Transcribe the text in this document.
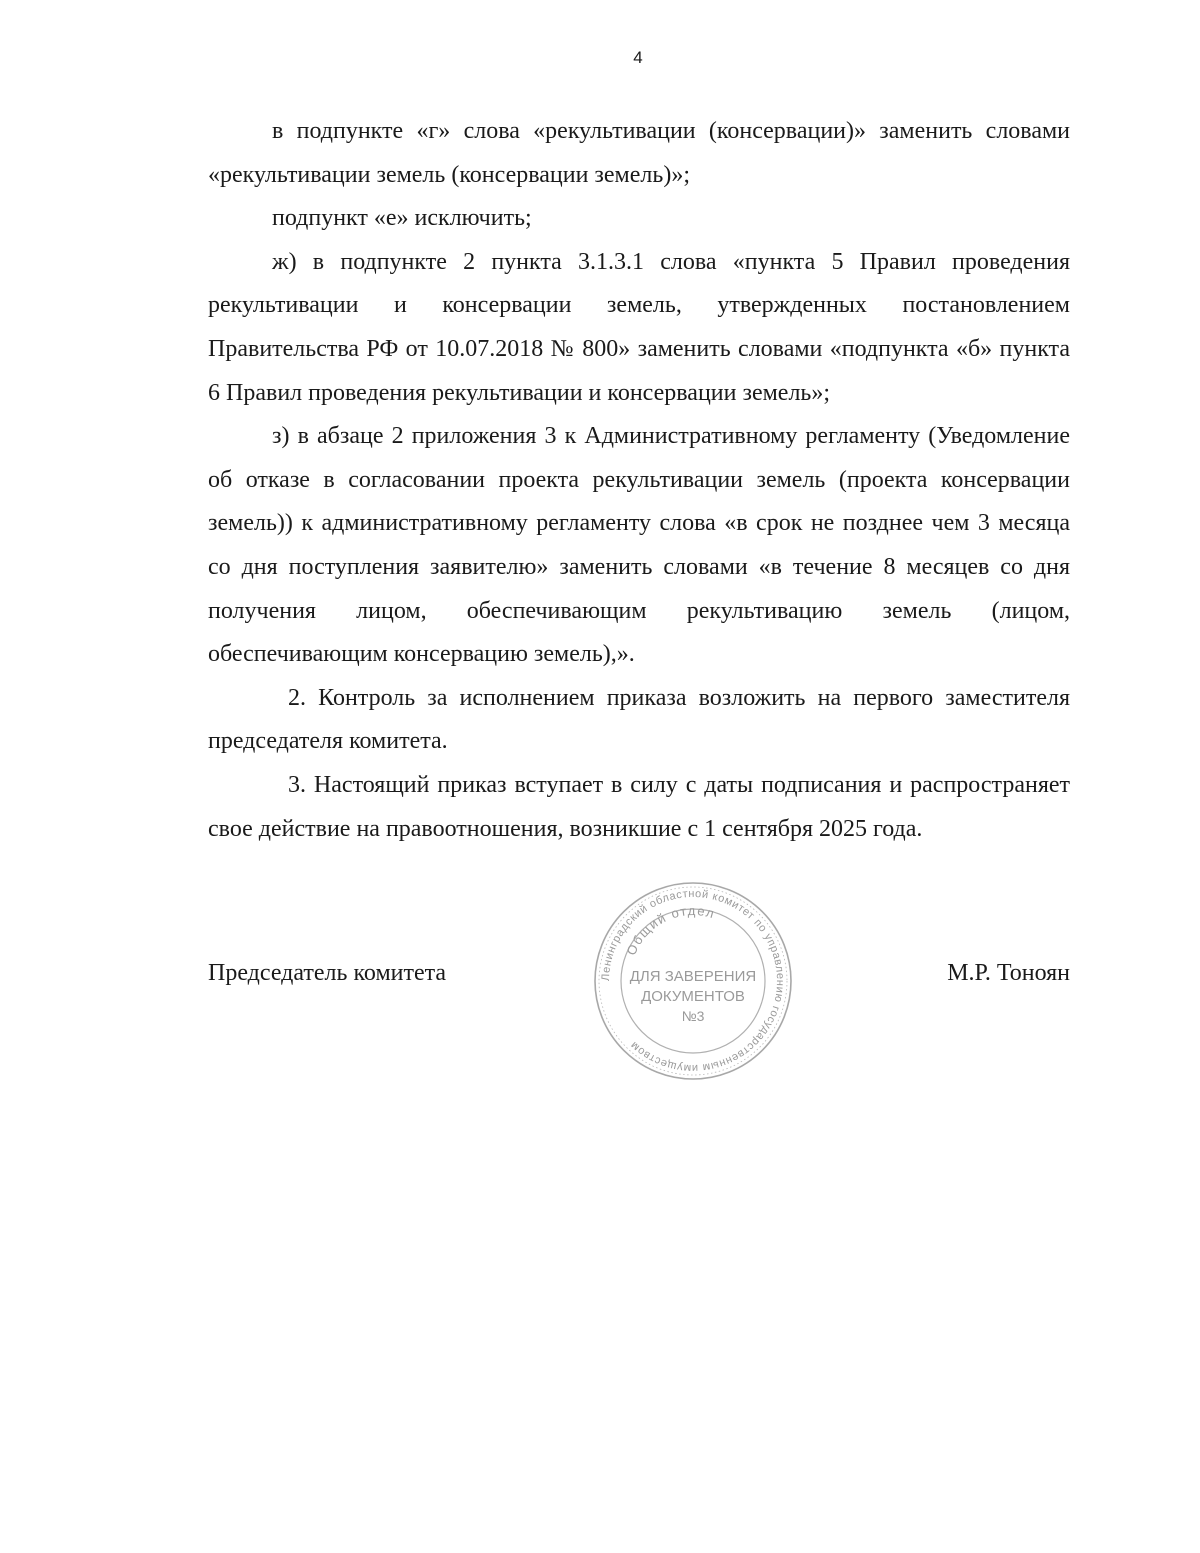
4

в подпункте «г» слова «рекультивации (консервации)» заменить словами «рекультивации земель (консервации земель)»;

подпункт «е» исключить;

ж) в подпункте 2 пункта 3.1.3.1 слова «пункта 5 Правил проведения рекультивации и консервации земель, утвержденных постановлением Правительства РФ от 10.07.2018 № 800» заменить словами «подпункта «б» пункта 6 Правил проведения рекультивации и консервации земель»;

з) в абзаце 2 приложения 3 к Административному регламенту (Уведомление об отказе в согласовании проекта рекультивации земель (проекта консервации земель)) к административному регламенту слова «в срок не позднее чем 3 месяца со дня поступления заявителю» заменить словами «в течение 8 месяцев со дня получения лицом, обеспечивающим рекультивацию земель (лицом, обеспечивающим консервацию земель),».

2. Контроль за исполнением приказа возложить на первого заместителя председателя комитета.

3. Настоящий приказ вступает в силу с даты подписания и распространяет свое действие на правоотношения, возникшие с 1 сентября 2025 года.

Председатель комитета	М.Р. Тоноян
Ленинградский областной комитет по управлению государственным имуществом
Общий отдел
ДЛЯ ЗАВЕРЕНИЯ
ДОКУМЕНТОВ
№3
